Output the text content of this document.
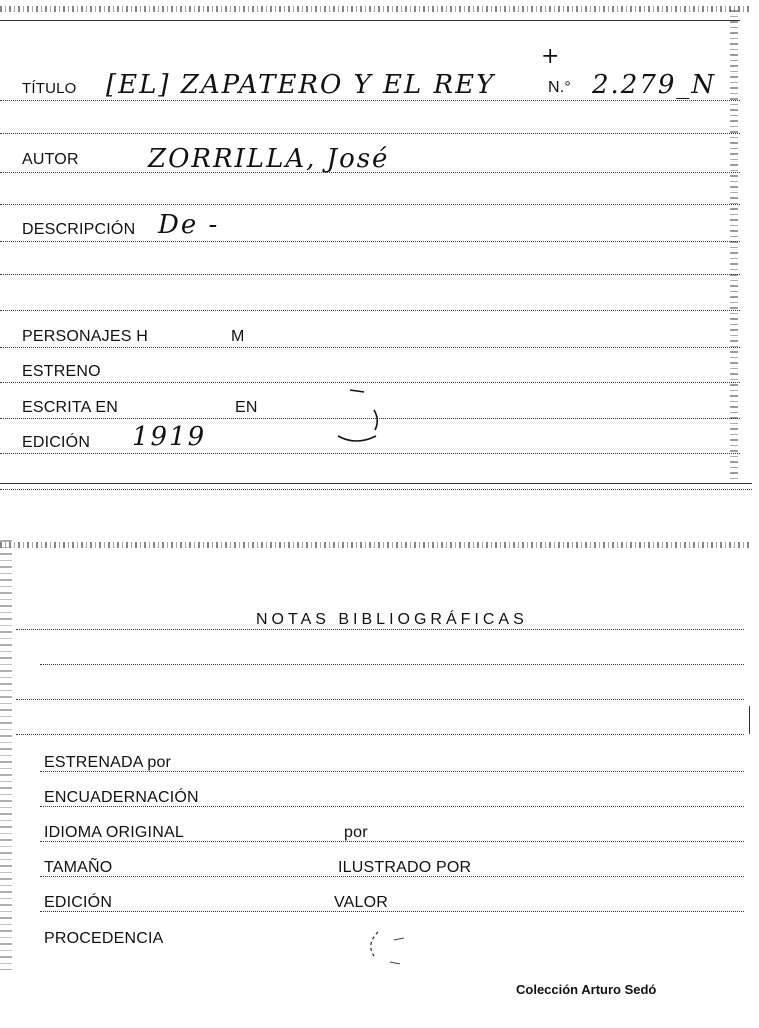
TÍTULO [EL] ZAPATERO Y EL REY
+
N.° 2.279_N
AUTOR	ZORRILLA, José
DESCRIPCIÓN De -
PERSONAJES H	M
ESTRENO
ESCRITA EN	EN
EDICIÓN 1919
NOTAS BIBLIOGRÁFICAS
ESTRENADA por
ENCUADERNACIÓN
IDIOMA ORIGINAL	por
TAMAÑO	ILUSTRADO POR
EDICIÓN	VALOR
PROCEDENCIA
Colección Arturo Sedó
